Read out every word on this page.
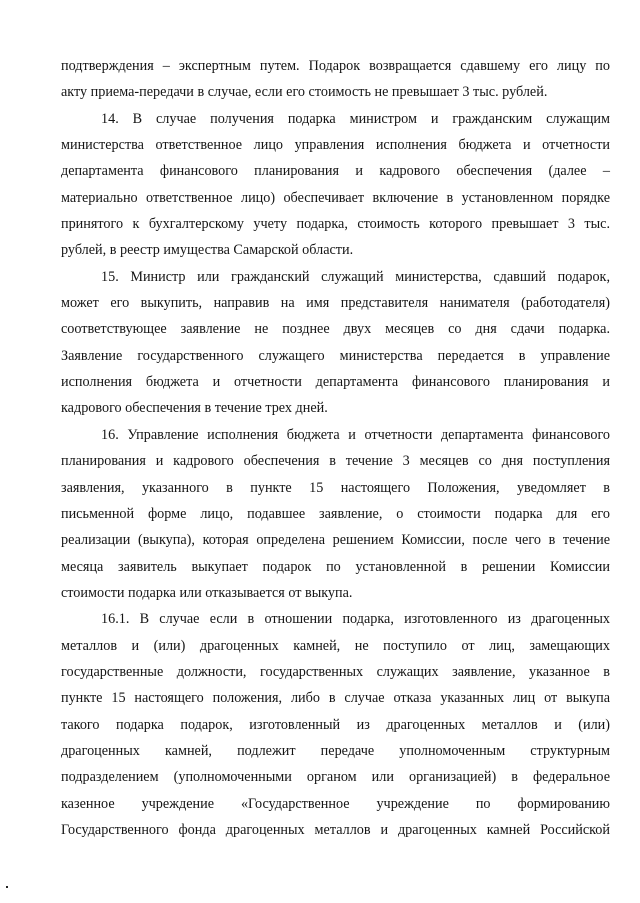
подтверждения – экспертным путем. Подарок возвращается сдавшему его лицу по
акту приема-передачи в случае, если его стоимость не превышает 3 тыс. рублей.
14. В случае получения подарка министром и гражданским служащим
министерства ответственное лицо управления исполнения бюджета и отчетности
департамента финансового планирования и кадрового обеспечения (далее –
материально ответственное лицо) обеспечивает включение в установленном порядке
принятого к бухгалтерскому учету подарка, стоимость которого превышает 3 тыс.
рублей, в реестр имущества Самарской области.
15. Министр или гражданский служащий министерства, сдавший подарок,
может его выкупить, направив на имя представителя нанимателя (работодателя)
соответствующее заявление не позднее двух месяцев со дня сдачи подарка.
Заявление государственного служащего министерства передается в управление
исполнения бюджета и отчетности департамента финансового планирования и
кадрового обеспечения в течение трех дней.
16. Управление исполнения бюджета и отчетности департамента финансового
планирования и кадрового обеспечения в течение 3 месяцев со дня поступления
заявления, указанного в пункте 15 настоящего Положения, уведомляет в
письменной форме лицо, подавшее заявление, о стоимости подарка для его
реализации (выкупа), которая определена решением Комиссии, после чего в течение
месяца заявитель выкупает подарок по установленной в решении Комиссии
стоимости подарка или отказывается от выкупа.
16.1. В случае если в отношении подарка, изготовленного из драгоценных
металлов и (или) драгоценных камней, не поступило от лиц, замещающих
государственные должности, государственных служащих заявление, указанное в
пункте 15 настоящего положения, либо в случае отказа указанных лиц от выкупа
такого подарка подарок, изготовленный из драгоценных металлов и (или)
драгоценных камней, подлежит передаче уполномоченным структурным
подразделением (уполномоченными органом или организацией) в федеральное
казенное учреждение «Государственное учреждение по формированию
Государственного фонда драгоценных металлов и драгоценных камней Российской
